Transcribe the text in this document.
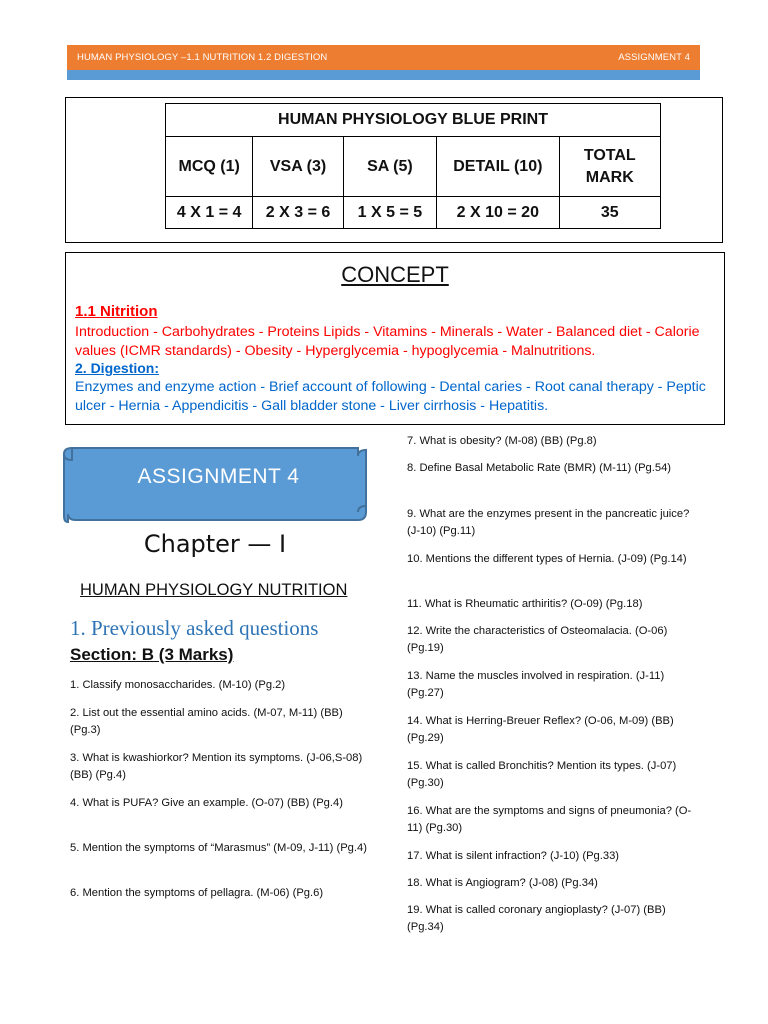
HUMAN PHYSIOLOGY –1.1 NUTRITION 1.2 DIGESTION	ASSIGNMENT 4
HUMAN PHYSIOLOGY BLUE PRINT				
MCQ (1)	VSA (3)	SA (5)	DETAIL (10)	TOTAL MARK
4 X 1 = 4	2 X 3 = 6	1 X 5 = 5	2 X 10 = 20	35
CONCEPT
1.1 Nitrition
Introduction - Carbohydrates - Proteins Lipids - Vitamins - Minerals - Water - Balanced diet - Calorie values (ICMR standards) - Obesity - Hyperglycemia - hypoglycemia - Malnutritions.
2. Digestion:
Enzymes and enzyme action - Brief account of following - Dental caries - Root canal therapy - Peptic ulcer - Hernia - Appendicitis - Gall bladder stone - Liver cirrhosis - Hepatitis.
ASSIGNMENT 4
Chapter — I
HUMAN PHYSIOLOGY NUTRITION
1. Previously asked questions
Section: B (3 Marks)
1. Classify monosaccharides. (M-10) (Pg.2)
2. List out the essential amino acids. (M-07, M-11) (BB) (Pg.3)
3. What is kwashiorkor? Mention its symptoms. (J-06,S-08) (BB) (Pg.4)
4. What is PUFA? Give an example. (O-07) (BB) (Pg.4)
5. Mention the symptoms of “Marasmus” (M-09, J-11) (Pg.4)
6. Mention the symptoms of pellagra. (M-06) (Pg.6)
7. What is obesity? (M-08) (BB) (Pg.8)
8. Define Basal Metabolic Rate (BMR) (M-11) (Pg.54)
9. What are the enzymes present in the pancreatic juice? (J-10) (Pg.11)
10. Mentions the different types of Hernia. (J-09) (Pg.14)
11. What is Rheumatic arthiritis? (O-09) (Pg.18)
12. Write the characteristics of Osteomalacia. (O-06) (Pg.19)
13. Name the muscles involved in respiration. (J-11) (Pg.27)
14. What is Herring-Breuer Reflex? (O-06, M-09) (BB) (Pg.29)
15. What is called Bronchitis? Mention its types. (J-07) (Pg.30)
16. What are the symptoms and signs of pneumonia? (O-11) (Pg.30)
17. What is silent infraction? (J-10) (Pg.33)
18. What is Angiogram? (J-08) (Pg.34)
19. What is called coronary angioplasty? (J-07) (BB) (Pg.34)
